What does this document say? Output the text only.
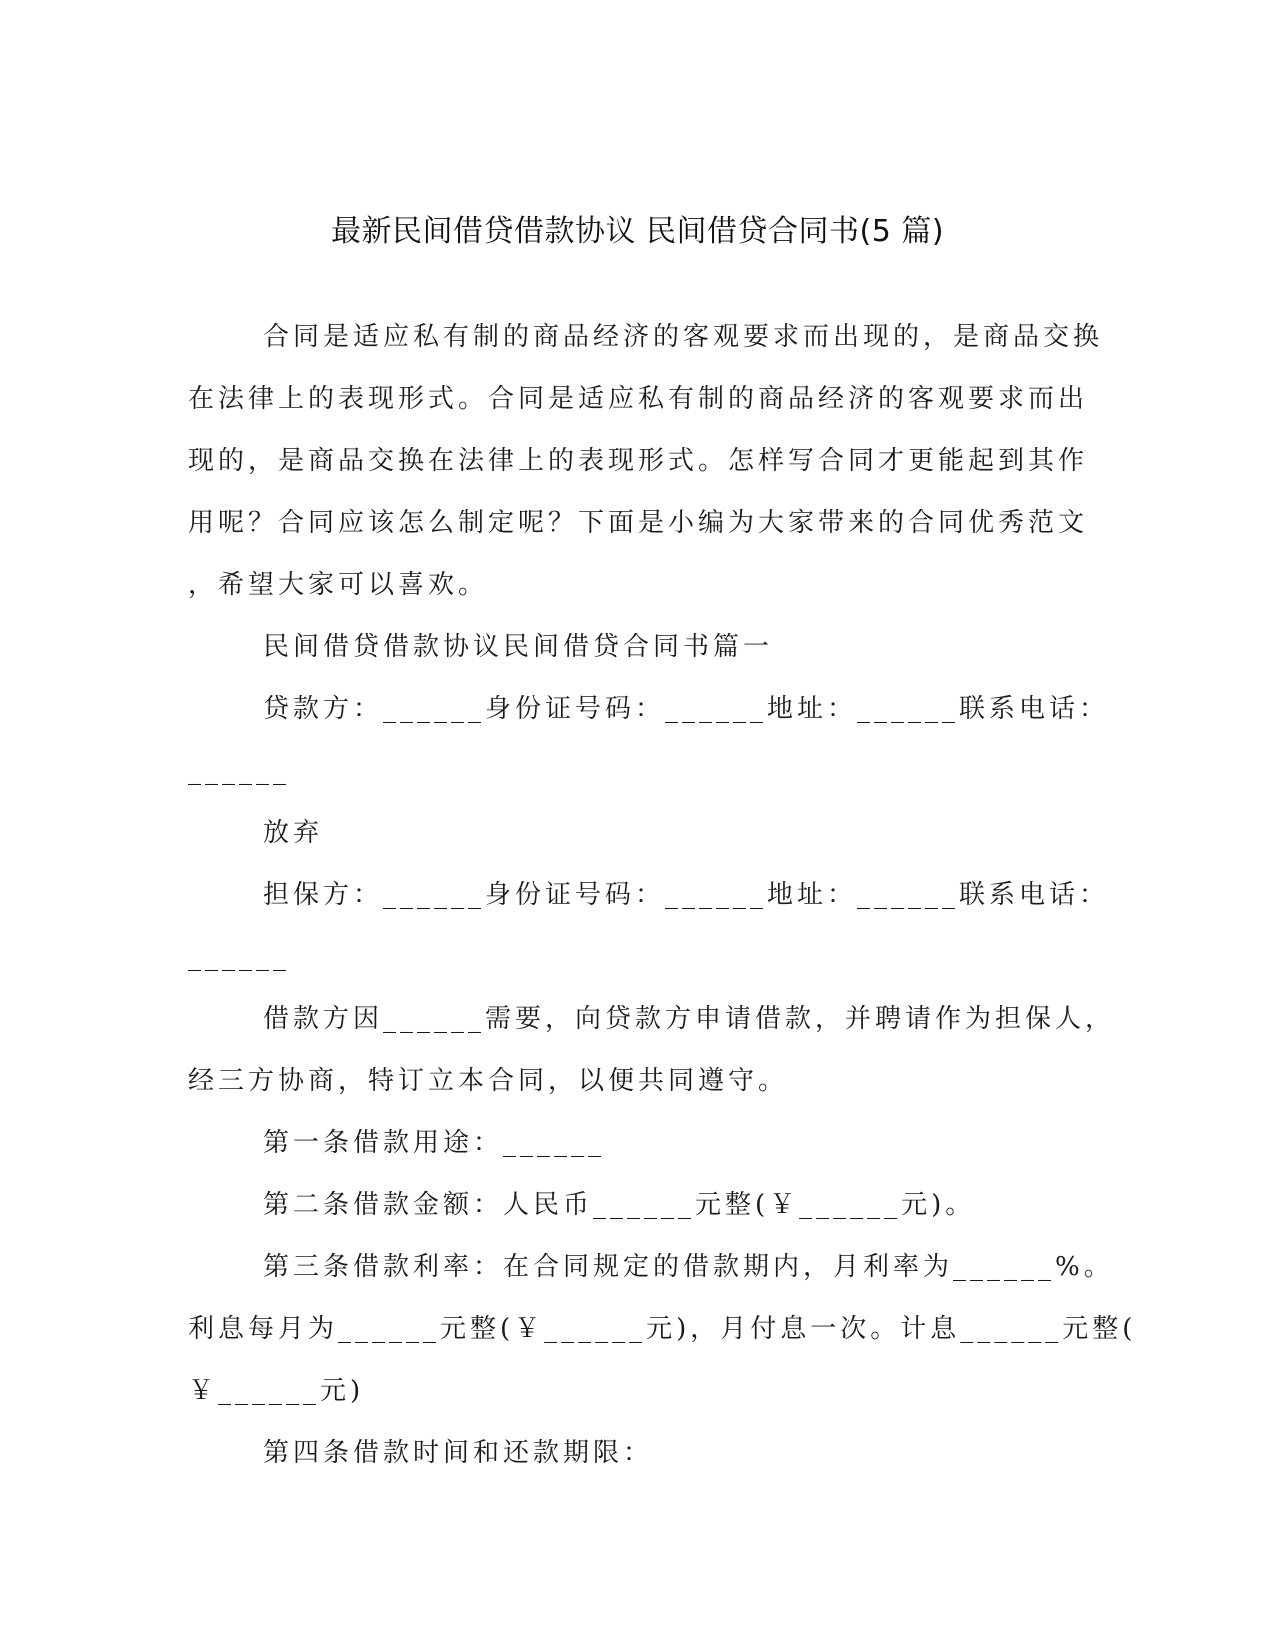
最新民间借贷借款协议 民间借贷合同书(5 篇)

合同是适应私有制的商品经济的客观要求而出现的，是商品交换

在法律上的表现形式。合同是适应私有制的商品经济的客观要求而出

现的，是商品交换在法律上的表现形式。怎样写合同才更能起到其作

用呢？合同应该怎么制定呢？下面是小编为大家带来的合同优秀范文

，希望大家可以喜欢。

民间借贷借款协议民间借贷合同书篇一

贷款方：______身份证号码：______地址：______联系电话：

______

放弃

担保方：______身份证号码：______地址：______联系电话：

______

借款方因______需要，向贷款方申请借款，并聘请作为担保人，

经三方协商，特订立本合同，以便共同遵守。

第一条借款用途：______

第二条借款金额：人民币______元整(￥______元)。

第三条借款利率：在合同规定的借款期内，月利率为______%。

利息每月为______元整(￥______元)，月付息一次。计息______元整(

￥______元)

第四条借款时间和还款期限：
